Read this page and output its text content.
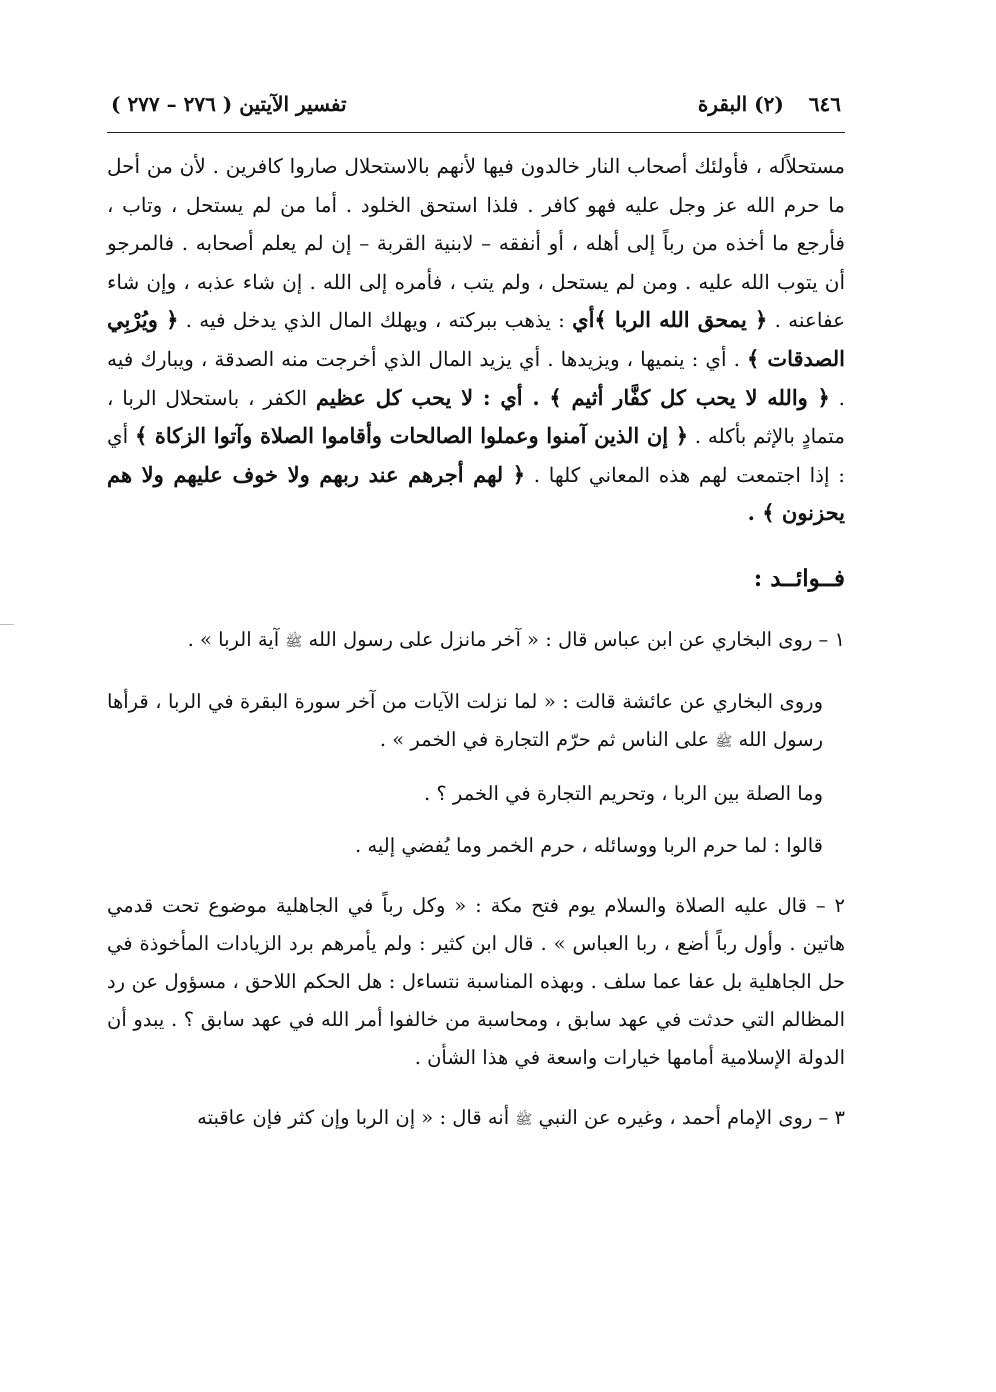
٦٤٦ (٢) البقرة
تفسير الآيتين ( ٢٧٦ – ٢٧٧ )
مستحلاًله ، فأولئك أصحاب النار خالدون فيها لأنهم بالاستحلال صاروا كافرين . لأن من أحل ما حرم الله عز وجل عليه فهو كافر . فلذا استحق الخلود . أما من لم يستحل ، وتاب ، فأرجع ما أخذه من رباً إلى أهله ، أو أنفقه – لابنية القربة – إن لم يعلم أصحابه . فالمرجو أن يتوب الله عليه . ومن لم يستحل ، ولم يتب ، فأمره إلى الله . إن شاء عذبه ، وإن شاء عفاعنه . ﴿ يمحق الله الربا ﴾أي : يذهب ببركته ، ويهلك المال الذي يدخل فيه . ﴿ ويُرْبِي الصدقات ﴾ . أي : ينميها ، ويزيدها . أي يزيد المال الذي أخرجت منه الصدقة ، ويبارك فيه . ﴿ والله لا يحب كل كفَّار أثيم ﴾ . أي : لا يحب كل عظيم الكفر ، باستحلال الربا ، متمادٍ بالإثم بأكله . ﴿ إن الذين آمنوا وعملوا الصالحات وأقاموا الصلاة وآتوا الزكاة ﴾ أي : إذا اجتمعت لهم هذه المعاني كلها . ﴿ لهم أجرهم عند ربهم ولا خوف عليهم ولا هم يحزنون ﴾ .
فــوائــد :

١ – روى البخاري عن ابن عباس قال : « آخر مانزل على رسول الله ﷺ آية الربا » .

وروى البخاري عن عائشة قالت : « لما نزلت الآيات من آخر سورة البقرة في الربا ، قرأها رسول الله ﷺ على الناس ثم حرّم التجارة في الخمر » .

وما الصلة بين الربا ، وتحريم التجارة في الخمر ؟ .

قالوا : لما حرم الربا ووسائله ، حرم الخمر وما يُفضي إليه .

٢ – قال عليه الصلاة والسلام يوم فتح مكة : « وكل رباً في الجاهلية موضوع تحت قدمي هاتين . وأول رباً أضع ، ربا العباس » . قال ابن كثير : ولم يأمرهم برد الزيادات المأخوذة في حل الجاهلية بل عفا عما سلف . وبهذه المناسبة نتساءل : هل الحكم اللاحق ، مسؤول عن رد المظالم التي حدثت في عهد سابق ، ومحاسبة من خالفوا أمر الله في عهد سابق ؟ . يبدو أن الدولة الإسلامية أمامها خيارات واسعة في هذا الشأن .

٣ – روى الإمام أحمد ، وغيره عن النبي ﷺ أنه قال : « إن الربا وإن كثر فإن عاقبته
